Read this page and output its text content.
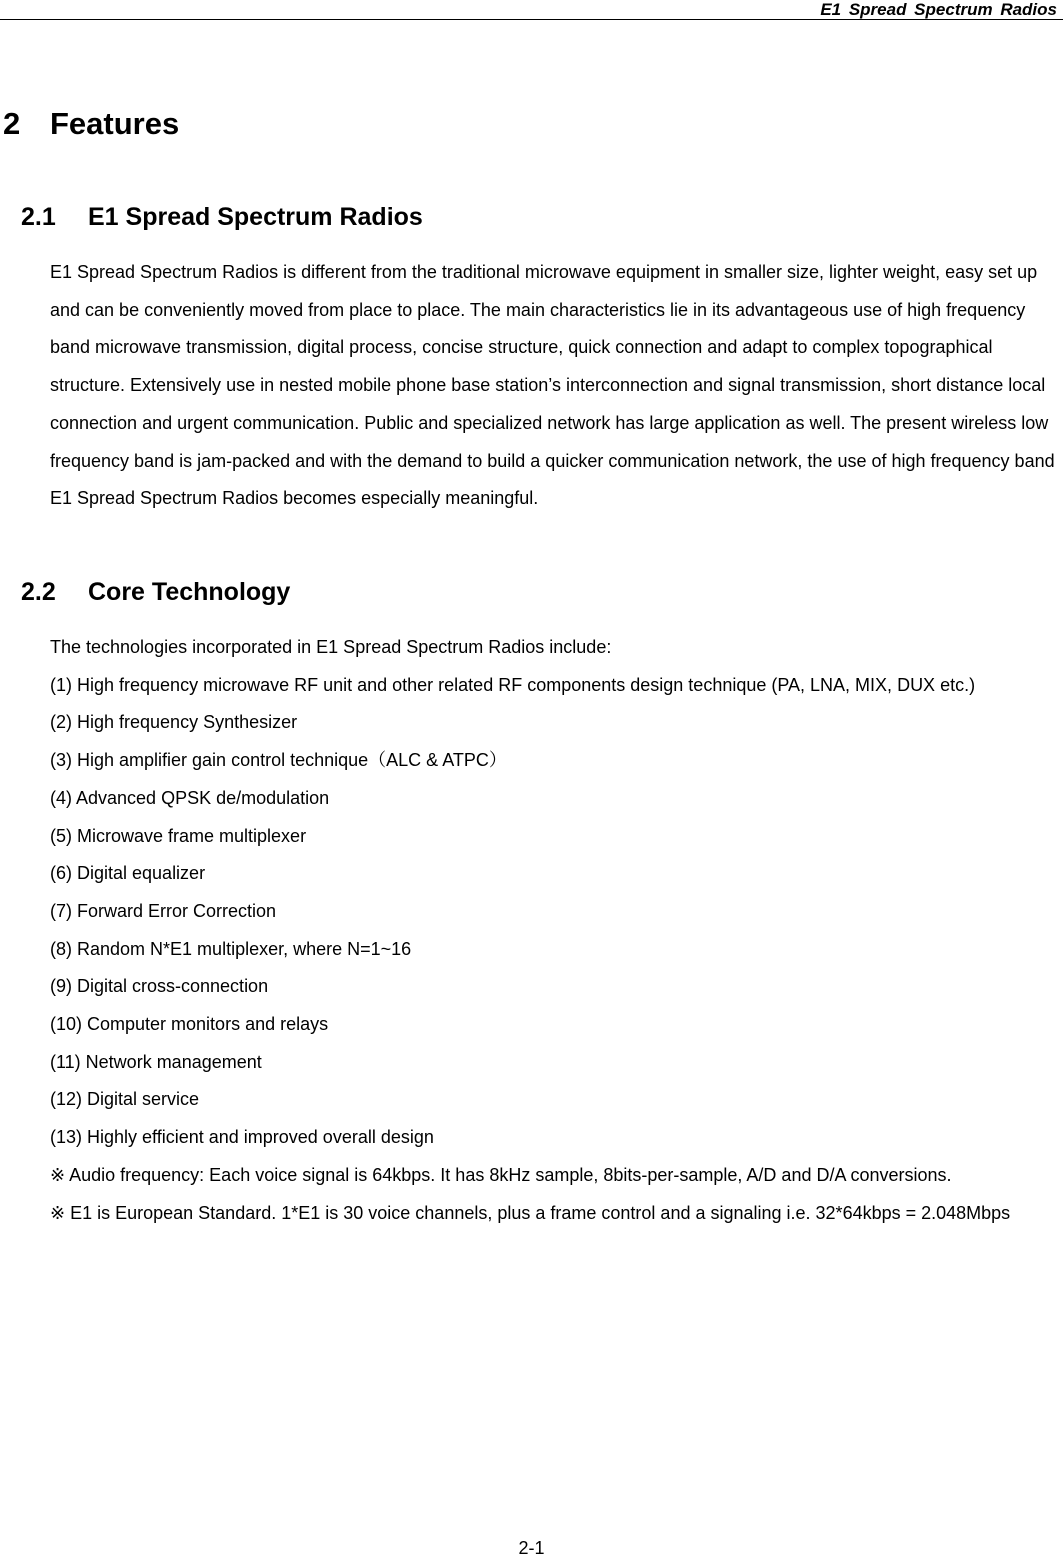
E1 Spread Spectrum Radios
2 Features
2.1 E1 Spread Spectrum Radios

E1 Spread Spectrum Radios is different from the traditional microwave equipment in smaller size, lighter weight, easy set up and can be conveniently moved from place to place. The main characteristics lie in its advantageous use of high frequency band microwave transmission, digital process, concise structure, quick connection and adapt to complex topographical structure. Extensively use in nested mobile phone base station’s interconnection and signal transmission, short distance local connection and urgent communication. Public and specialized network has large application as well. The present wireless low frequency band is jam-packed and with the demand to build a quicker communication network, the use of high frequency band E1 Spread Spectrum Radios becomes especially meaningful.

2.2 Core Technology
The technologies incorporated in E1 Spread Spectrum Radios include:
(1) High frequency microwave RF unit and other related RF components design technique (PA, LNA, MIX, DUX etc.)
(2) High frequency Synthesizer
(3) High amplifier gain control technique（ALC & ATPC）
(4) Advanced QPSK de/modulation
(5) Microwave frame multiplexer
(6) Digital equalizer
(7) Forward Error Correction
(8) Random N*E1 multiplexer, where N=1~16
(9) Digital cross-connection
(10) Computer monitors and relays
(11) Network management
(12) Digital service
(13) Highly efficient and improved overall design
※ Audio frequency: Each voice signal is 64kbps. It has 8kHz sample, 8bits-per-sample, A/D and D/A conversions.
※ E1 is European Standard. 1*E1 is 30 voice channels, plus a frame control and a signaling i.e. 32*64kbps = 2.048Mbps
2-1
